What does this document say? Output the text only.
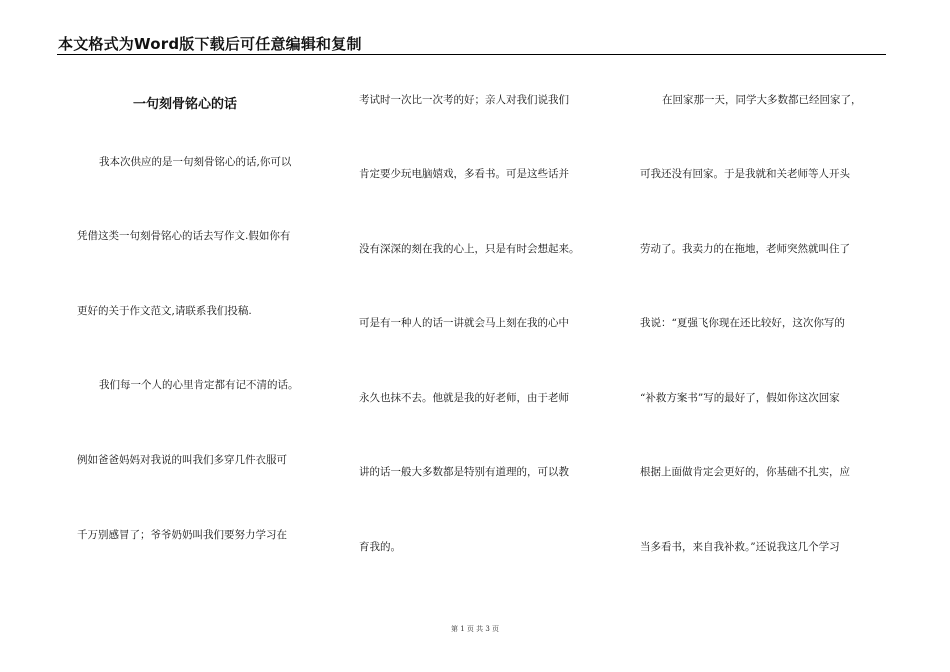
本文格式为Word版下载后可任意编辑和复制
一句刻骨铭心的话
我本次供应的是一句刻骨铭心的话,你可以
凭借这类一句刻骨铭心的话去写作文.假如你有
更好的关于作文范文,请联系我们投稿.
我们每一个人的心里肯定都有记不清的话。
例如爸爸妈妈对我说的叫我们多穿几件衣服可
千万别感冒了；爷爷奶奶叫我们要努力学习在
考试时一次比一次考的好；亲人对我们说我们
肯定要少玩电脑嬉戏，多看书。可是这些话并
没有深深的刻在我的心上，只是有时会想起来。
可是有一种人的话一讲就会马上刻在我的心中
永久也抹不去。他就是我的好老师，由于老师
讲的话一般大多数都是特别有道理的，可以教
育我的。
在回家那一天，同学大多数都已经回家了，
可我还没有回家。于是我就和关老师等人开头
劳动了。我卖力的在拖地，老师突然就叫住了
我说：“夏强飞你现在还比较好，这次你写的
“补救方案书”写的最好了，假如你这次回家
根据上面做肯定会更好的，你基础不扎实，应
当多看书，来自我补救。”还说我这几个学习
第 1 页 共 3 页
